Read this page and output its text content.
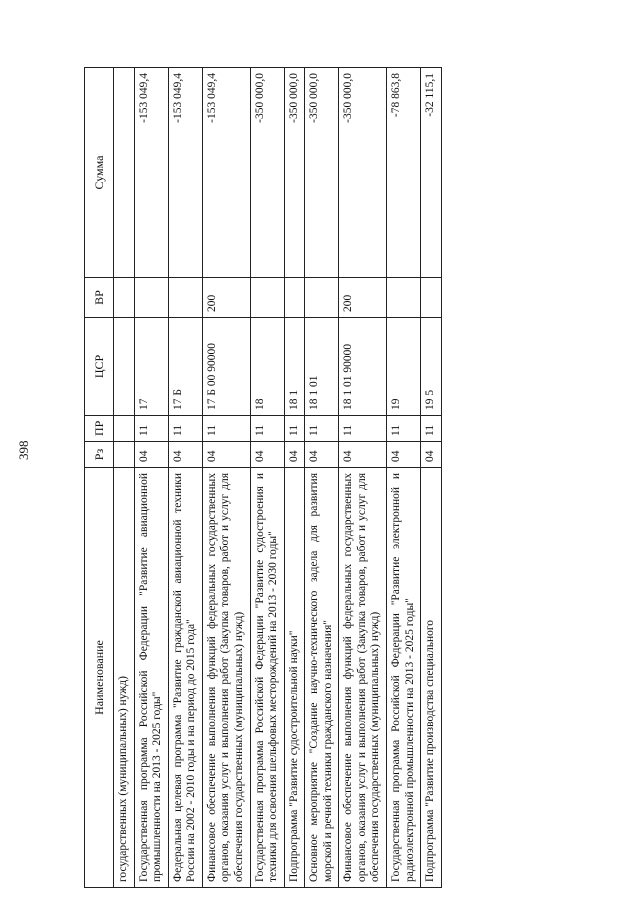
398
Наименование	Рз	ПР	ЦСР	ВР	Сумма
государственных (муниципальных) нужд)					
Государственная программа Российской Федерации "Развитие авиационной промышленности на 2013 - 2025 годы"	04	11	17		-153 049,4
Федеральная целевая программа "Развитие гражданской авиационной техники России на 2002 - 2010 годы и на период до 2015 года"	04	11	17 Б		-153 049,4
Финансовое обеспечение выполнения функций федеральных государственных органов, оказания услуг и выполнения работ (Закупка товаров, работ и услуг для обеспечения государственных (муниципальных) нужд)	04	11	17 Б 00 90000	200	-153 049,4
Государственная программа Российской Федерации "Развитие судостроения и техники для освоения шельфовых месторождений на 2013 - 2030 годы"	04	11	18		-350 000,0
Подпрограмма "Развитие судостроительной науки"	04	11	18 1		-350 000,0
Основное мероприятие "Создание научно-технического задела для развития морской и речной техники гражданского назначения"	04	11	18 1 01		-350 000,0
Финансовое обеспечение выполнения функций федеральных государственных органов, оказания услуг и выполнения работ (Закупка товаров, работ и услуг для обеспечения государственных (муниципальных) нужд)	04	11	18 1 01 90000	200	-350 000,0
Государственная программа Российской Федерации "Развитие электронной и радиоэлектронной промышленности на 2013 - 2025 годы"	04	11	19		-78 863,8
Подпрограмма "Развитие производства специального	04	11	19 5		-32 115,1
